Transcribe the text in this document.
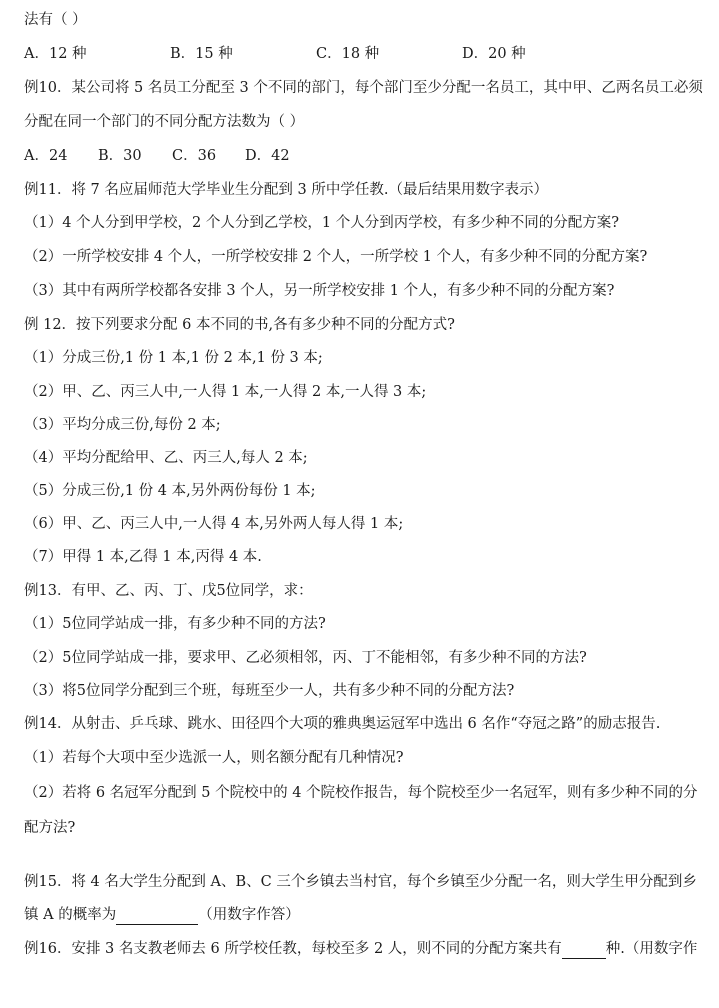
法有（ ）
A．12 种	B．15 种	C．18 种	D．20 种
例10．某公司将 5 名员工分配至 3 个不同的部门，每个部门至少分配一名员工，其中甲、乙两名员工必须
分配在同一个部门的不同分配方法数为（ ）
A．24 B．30 C．36 D．42
例11．将 7 名应届师范大学毕业生分配到 3 所中学任教.（最后结果用数字表示）
（1）4 个人分到甲学校，2 个人分到乙学校，1 个人分到丙学校，有多少种不同的分配方案?
（2）一所学校安排 4 个人，一所学校安排 2 个人，一所学校 1 个人，有多少种不同的分配方案?
（3）其中有两所学校都各安排 3 个人，另一所学校安排 1 个人，有多少种不同的分配方案?
例 12．按下列要求分配 6 本不同的书,各有多少种不同的分配方式?
（1）分成三份,1 份 1 本,1 份 2 本,1 份 3 本;
（2）甲、乙、丙三人中,一人得 1 本,一人得 2 本,一人得 3 本;
（3）平均分成三份,每份 2 本;
（4）平均分配给甲、乙、丙三人,每人 2 本;
（5）分成三份,1 份 4 本,另外两份每份 1 本;
（6）甲、乙、丙三人中,一人得 4 本,另外两人每人得 1 本;
（7）甲得 1 本,乙得 1 本,丙得 4 本.
例13．有甲、乙、丙、丁、戊5位同学，求：
（1）5位同学站成一排，有多少种不同的方法?
（2）5位同学站成一排，要求甲、乙必须相邻，丙、丁不能相邻，有多少种不同的方法?
（3）将5位同学分配到三个班，每班至少一人，共有多少种不同的分配方法?
例14．从射击、乒乓球、跳水、田径四个大项的雅典奥运冠军中选出 6 名作“夺冠之路”的励志报告.
（1）若每个大项中至少选派一人，则名额分配有几种情况?
（2）若将 6 名冠军分配到 5 个院校中的 4 个院校作报告，每个院校至少一名冠军，则有多少种不同的分
配方法?
例15．将 4 名大学生分配到 A、B、C 三个乡镇去当村官，每个乡镇至少分配一名，则大学生甲分配到乡
镇 A 的概率为	（用数字作答）
例16．安排 3 名支教老师去 6 所学校任教，每校至多 2 人，则不同的分配方案共有	种.（用数字作
